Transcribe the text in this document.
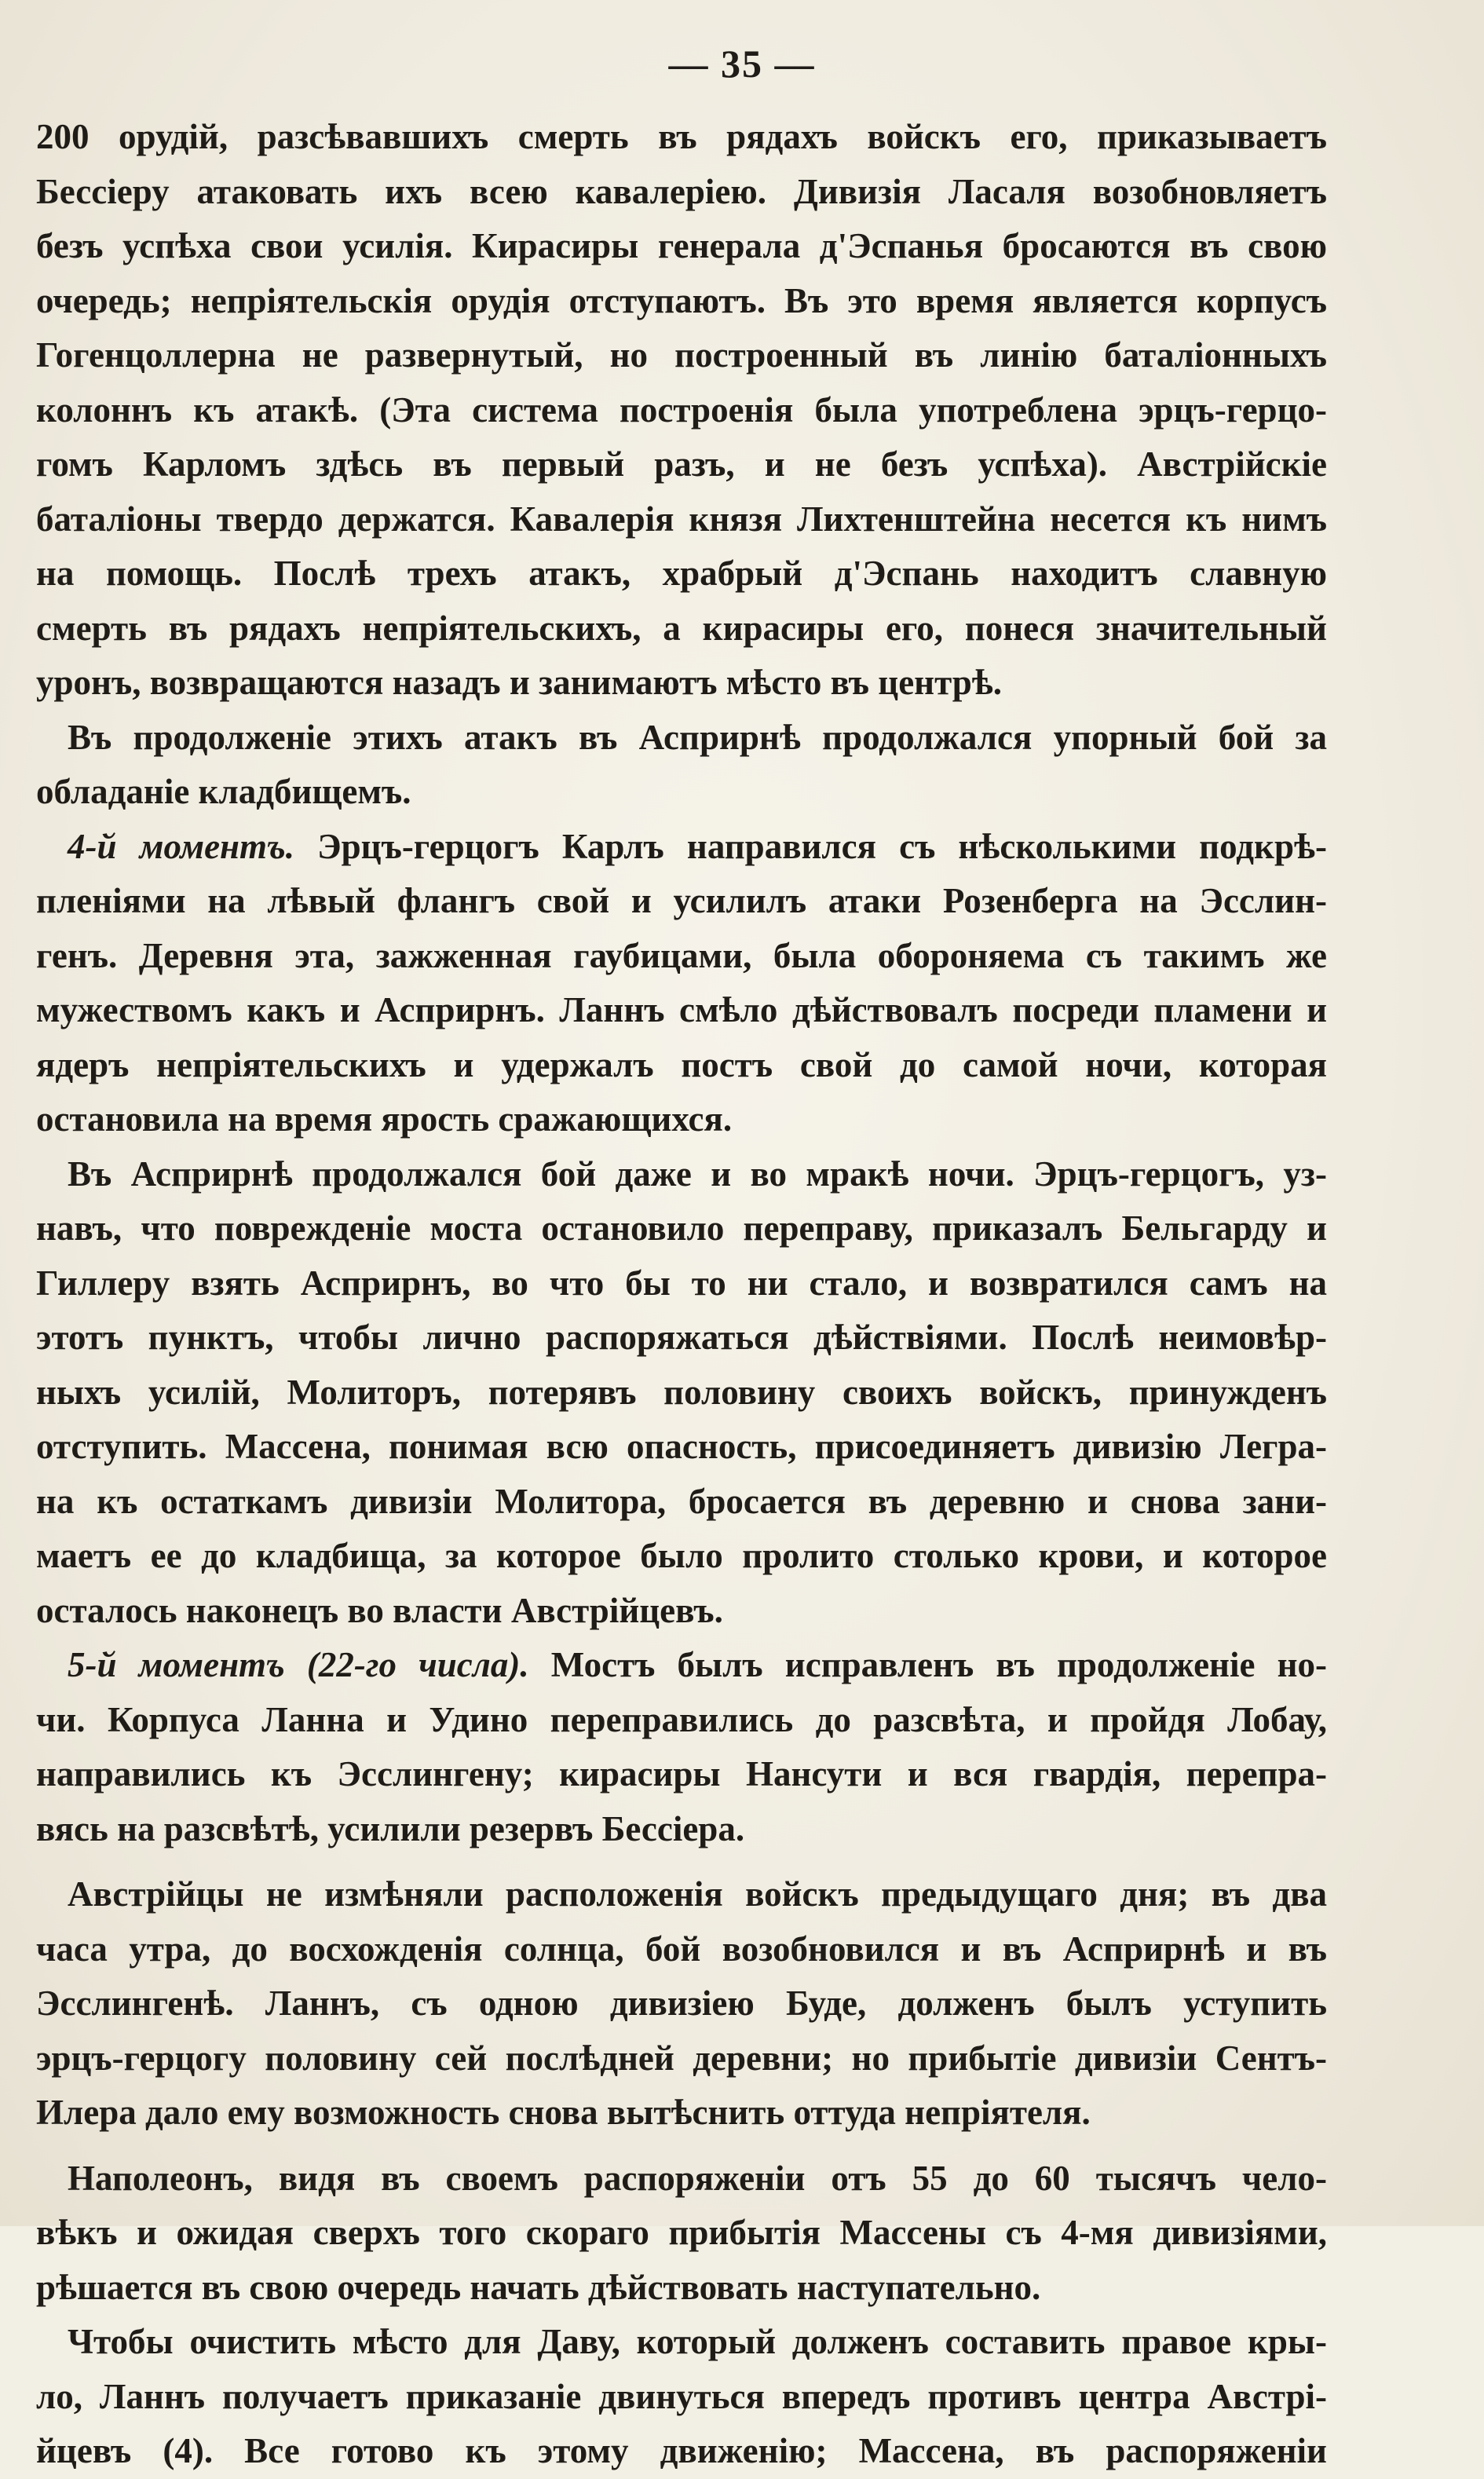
— 35 —
200 орудій, разсѣвавшихъ смерть въ рядахъ войскъ его, приказываетъ
Бессіеру атаковать ихъ всею кавалеріею. Дивизія Ласаля возобновляетъ
безъ успѣха свои усилія. Кирасиры генерала д'Эспанья бросаются въ свою
очередь; непріятельскія орудія отступаютъ. Въ это время является корпусъ
Гогенцоллерна не развернутый, но построенный въ линію баталіонныхъ
колоннъ къ атакѣ. (Эта система построенія была употреблена эрцъ-герцо-
гомъ Карломъ здѣсь въ первый разъ, и не безъ успѣха). Австрійскіе
баталіоны твердо держатся. Кавалерія князя Лихтенштейна несется къ нимъ
на помощь. Послѣ трехъ атакъ, храбрый д'Эспань находитъ славную
смерть въ рядахъ непріятельскихъ, а кирасиры его, понеся значительный
уронъ, возвращаются назадъ и занимаютъ мѣсто въ центрѣ.
Въ продолженіе этихъ атакъ въ Асприрнѣ продолжался упорный бой за
обладаніе кладбищемъ.
4-й моментъ. Эрцъ-герцогъ Карлъ направился съ нѣсколькими подкрѣ-
пленіями на лѣвый флангъ свой и усилилъ атаки Розенберга на Эсслин-
генъ. Деревня эта, зажженная гаубицами, была обороняема съ такимъ же
мужествомъ какъ и Асприрнъ. Ланнъ смѣло дѣйствовалъ посреди пламени и
ядеръ непріятельскихъ и удержалъ постъ свой до самой ночи, которая
остановила на время ярость сражающихся.
Въ Асприрнѣ продолжался бой даже и во мракѣ ночи. Эрцъ-герцогъ, уз-
навъ, что поврежденіе моста остановило переправу, приказалъ Бельгарду и
Гиллеру взять Асприрнъ, во что бы то ни стало, и возвратился самъ на
этотъ пунктъ, чтобы лично распоряжаться дѣйствіями. Послѣ неимовѣр-
ныхъ усилій, Молиторъ, потерявъ половину своихъ войскъ, принужденъ
отступить. Массена, понимая всю опасность, присоединяетъ дивизію Легра-
на къ остаткамъ дивизіи Молитора, бросается въ деревню и снова зани-
маетъ ее до кладбища, за которое было пролито столько крови, и которое
осталось наконецъ во власти Австрійцевъ.
5-й моментъ (22-го числа). Мостъ былъ исправленъ въ продолженіе но-
чи. Корпуса Ланна и Удино переправились до разсвѣта, и пройдя Лобау,
направились къ Эсслингену; кирасиры Нансути и вся гвардія, перепра-
вясь на разсвѣтѣ, усилили резервъ Бессіера.
Австрійцы не измѣняли расположенія войскъ предыдущаго дня; въ два
часа утра, до восхожденія солнца, бой возобновился и въ Асприрнѣ и въ
Эсслингенѣ. Ланнъ, съ одною дивизіею Буде, долженъ былъ уступить
эрцъ-герцогу половину сей послѣдней деревни; но прибытіе дивизіи Сентъ-
Илера дало ему возможность снова вытѣснить оттуда непріятеля.
Наполеонъ, видя въ своемъ распоряженіи отъ 55 до 60 тысячъ чело-
вѣкъ и ожидая сверхъ того скораго прибытія Массены съ 4-мя дивизіями,
рѣшается въ свою очередь начать дѣйствовать наступательно.
Чтобы очистить мѣсто для Даву, который долженъ составить правое кры-
ло, Ланнъ получаетъ приказаніе двинуться впередъ противъ центра Австрі-
йцевъ (4). Все готово къ этому движенію; Массена, въ распоряженіи
